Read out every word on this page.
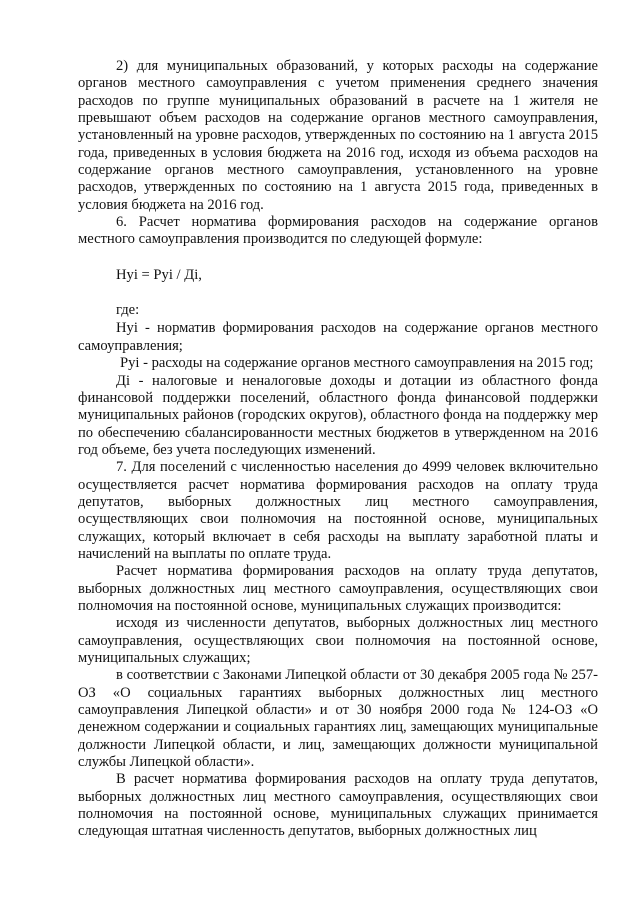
2) для муниципальных образований, у которых расходы на содержание органов местного самоуправления с учетом применения среднего значения расходов по группе муниципальных образований в расчете на 1 жителя не превышают объем расходов на содержание органов местного самоуправления, установленный на уровне расходов, утвержденных по состоянию на 1 августа 2015 года, приведенных в условия бюджета на 2016 год, исходя из объема расходов на содержание органов местного самоуправления, установленного на уровне расходов, утвержденных по состоянию на 1 августа 2015 года, приведенных в условия бюджета на 2016 год.

6. Расчет норматива формирования расходов на содержание органов местного самоуправления производится по следующей формуле:

Нyi = Рyi / Дi,

где:

Нyi - норматив формирования расходов на содержание органов местного самоуправления;

Рyi - расходы на содержание органов местного самоуправления на 2015 год;

Дi - налоговые и неналоговые доходы и дотации из областного фонда финансовой поддержки поселений, областного фонда финансовой поддержки муниципальных районов (городских округов), областного фонда на поддержку мер по обеспечению сбалансированности местных бюджетов в утвержденном на 2016 год объеме, без учета последующих изменений.

7. Для поселений с численностью населения до 4999 человек включительно осуществляется расчет норматива формирования расходов на оплату труда депутатов, выборных должностных лиц местного самоуправления, осуществляющих свои полномочия на постоянной основе, муниципальных служащих, который включает в себя расходы на выплату заработной платы и начислений на выплаты по оплате труда.

Расчет норматива формирования расходов на оплату труда депутатов, выборных должностных лиц местного самоуправления, осуществляющих свои полномочия на постоянной основе, муниципальных служащих производится:

исходя из численности депутатов, выборных должностных лиц местного самоуправления, осуществляющих свои полномочия на постоянной основе, муниципальных служащих;

в соответствии с Законами Липецкой области от 30 декабря 2005 года № 257-ОЗ «О социальных гарантиях выборных должностных лиц местного самоуправления Липецкой области» и от 30 ноября 2000 года № 124-ОЗ «О денежном содержании и социальных гарантиях лиц, замещающих муниципальные должности Липецкой области, и лиц, замещающих должности муниципальной службы Липецкой области».

В расчет норматива формирования расходов на оплату труда депутатов, выборных должностных лиц местного самоуправления, осуществляющих свои полномочия на постоянной основе, муниципальных служащих принимается следующая штатная численность депутатов, выборных должностных лиц
